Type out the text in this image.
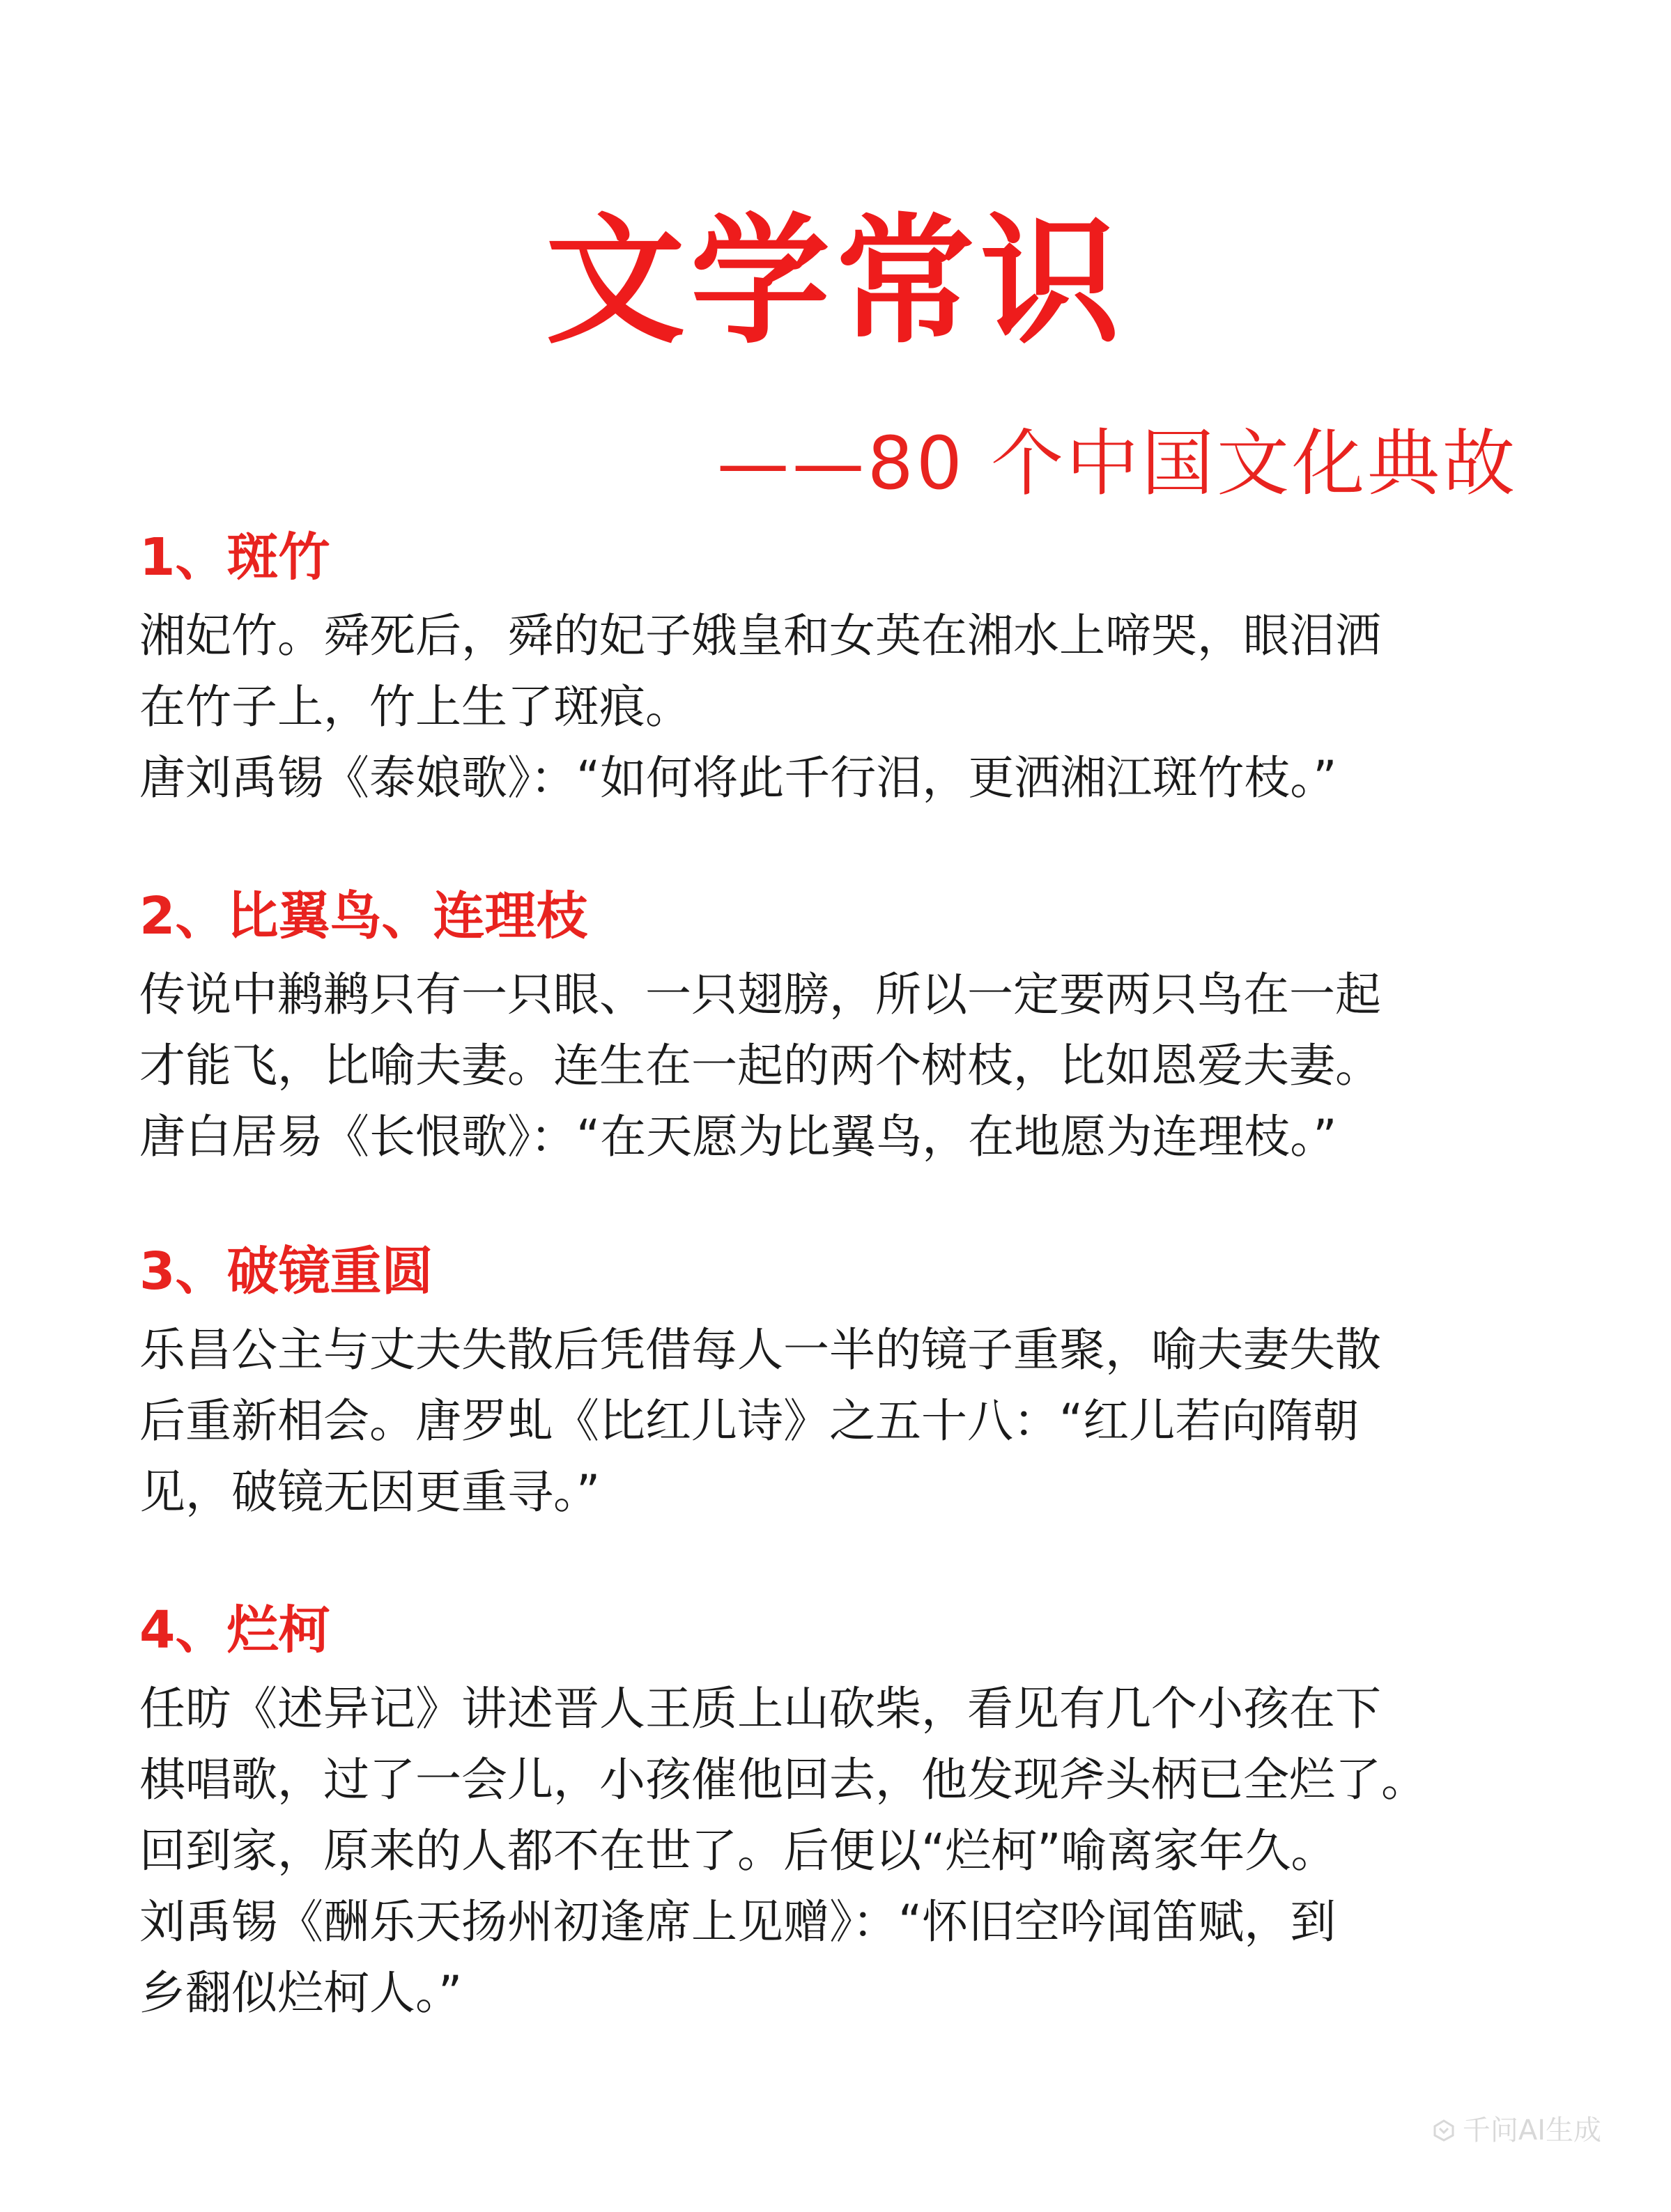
文学常识
——80 个中国文化典故
1、斑竹
湘妃竹。舜死后，舜的妃子娥皇和女英在湘水上啼哭，眼泪洒
在竹子上，竹上生了斑痕。
唐刘禹锡《泰娘歌》：“如何将此千行泪，更洒湘江斑竹枝。”
2、比翼鸟、连理枝
传说中鹣鹣只有一只眼、一只翅膀，所以一定要两只鸟在一起
才能飞，比喻夫妻。连生在一起的两个树枝，比如恩爱夫妻。
唐白居易《长恨歌》：“在天愿为比翼鸟，在地愿为连理枝。”
3、破镜重圆
乐昌公主与丈夫失散后凭借每人一半的镜子重聚，喻夫妻失散
后重新相会。唐罗虬《比红儿诗》之五十八：“红儿若向隋朝
见，破镜无因更重寻。”
4、烂柯
任昉《述异记》讲述晋人王质上山砍柴，看见有几个小孩在下
棋唱歌，过了一会儿，小孩催他回去，他发现斧头柄已全烂了。
回到家，原来的人都不在世了。后便以“烂柯”喻离家年久。
刘禹锡《酬乐天扬州初逢席上见赠》：“怀旧空吟闻笛赋，到
乡翻似烂柯人。”
千问AI生成
